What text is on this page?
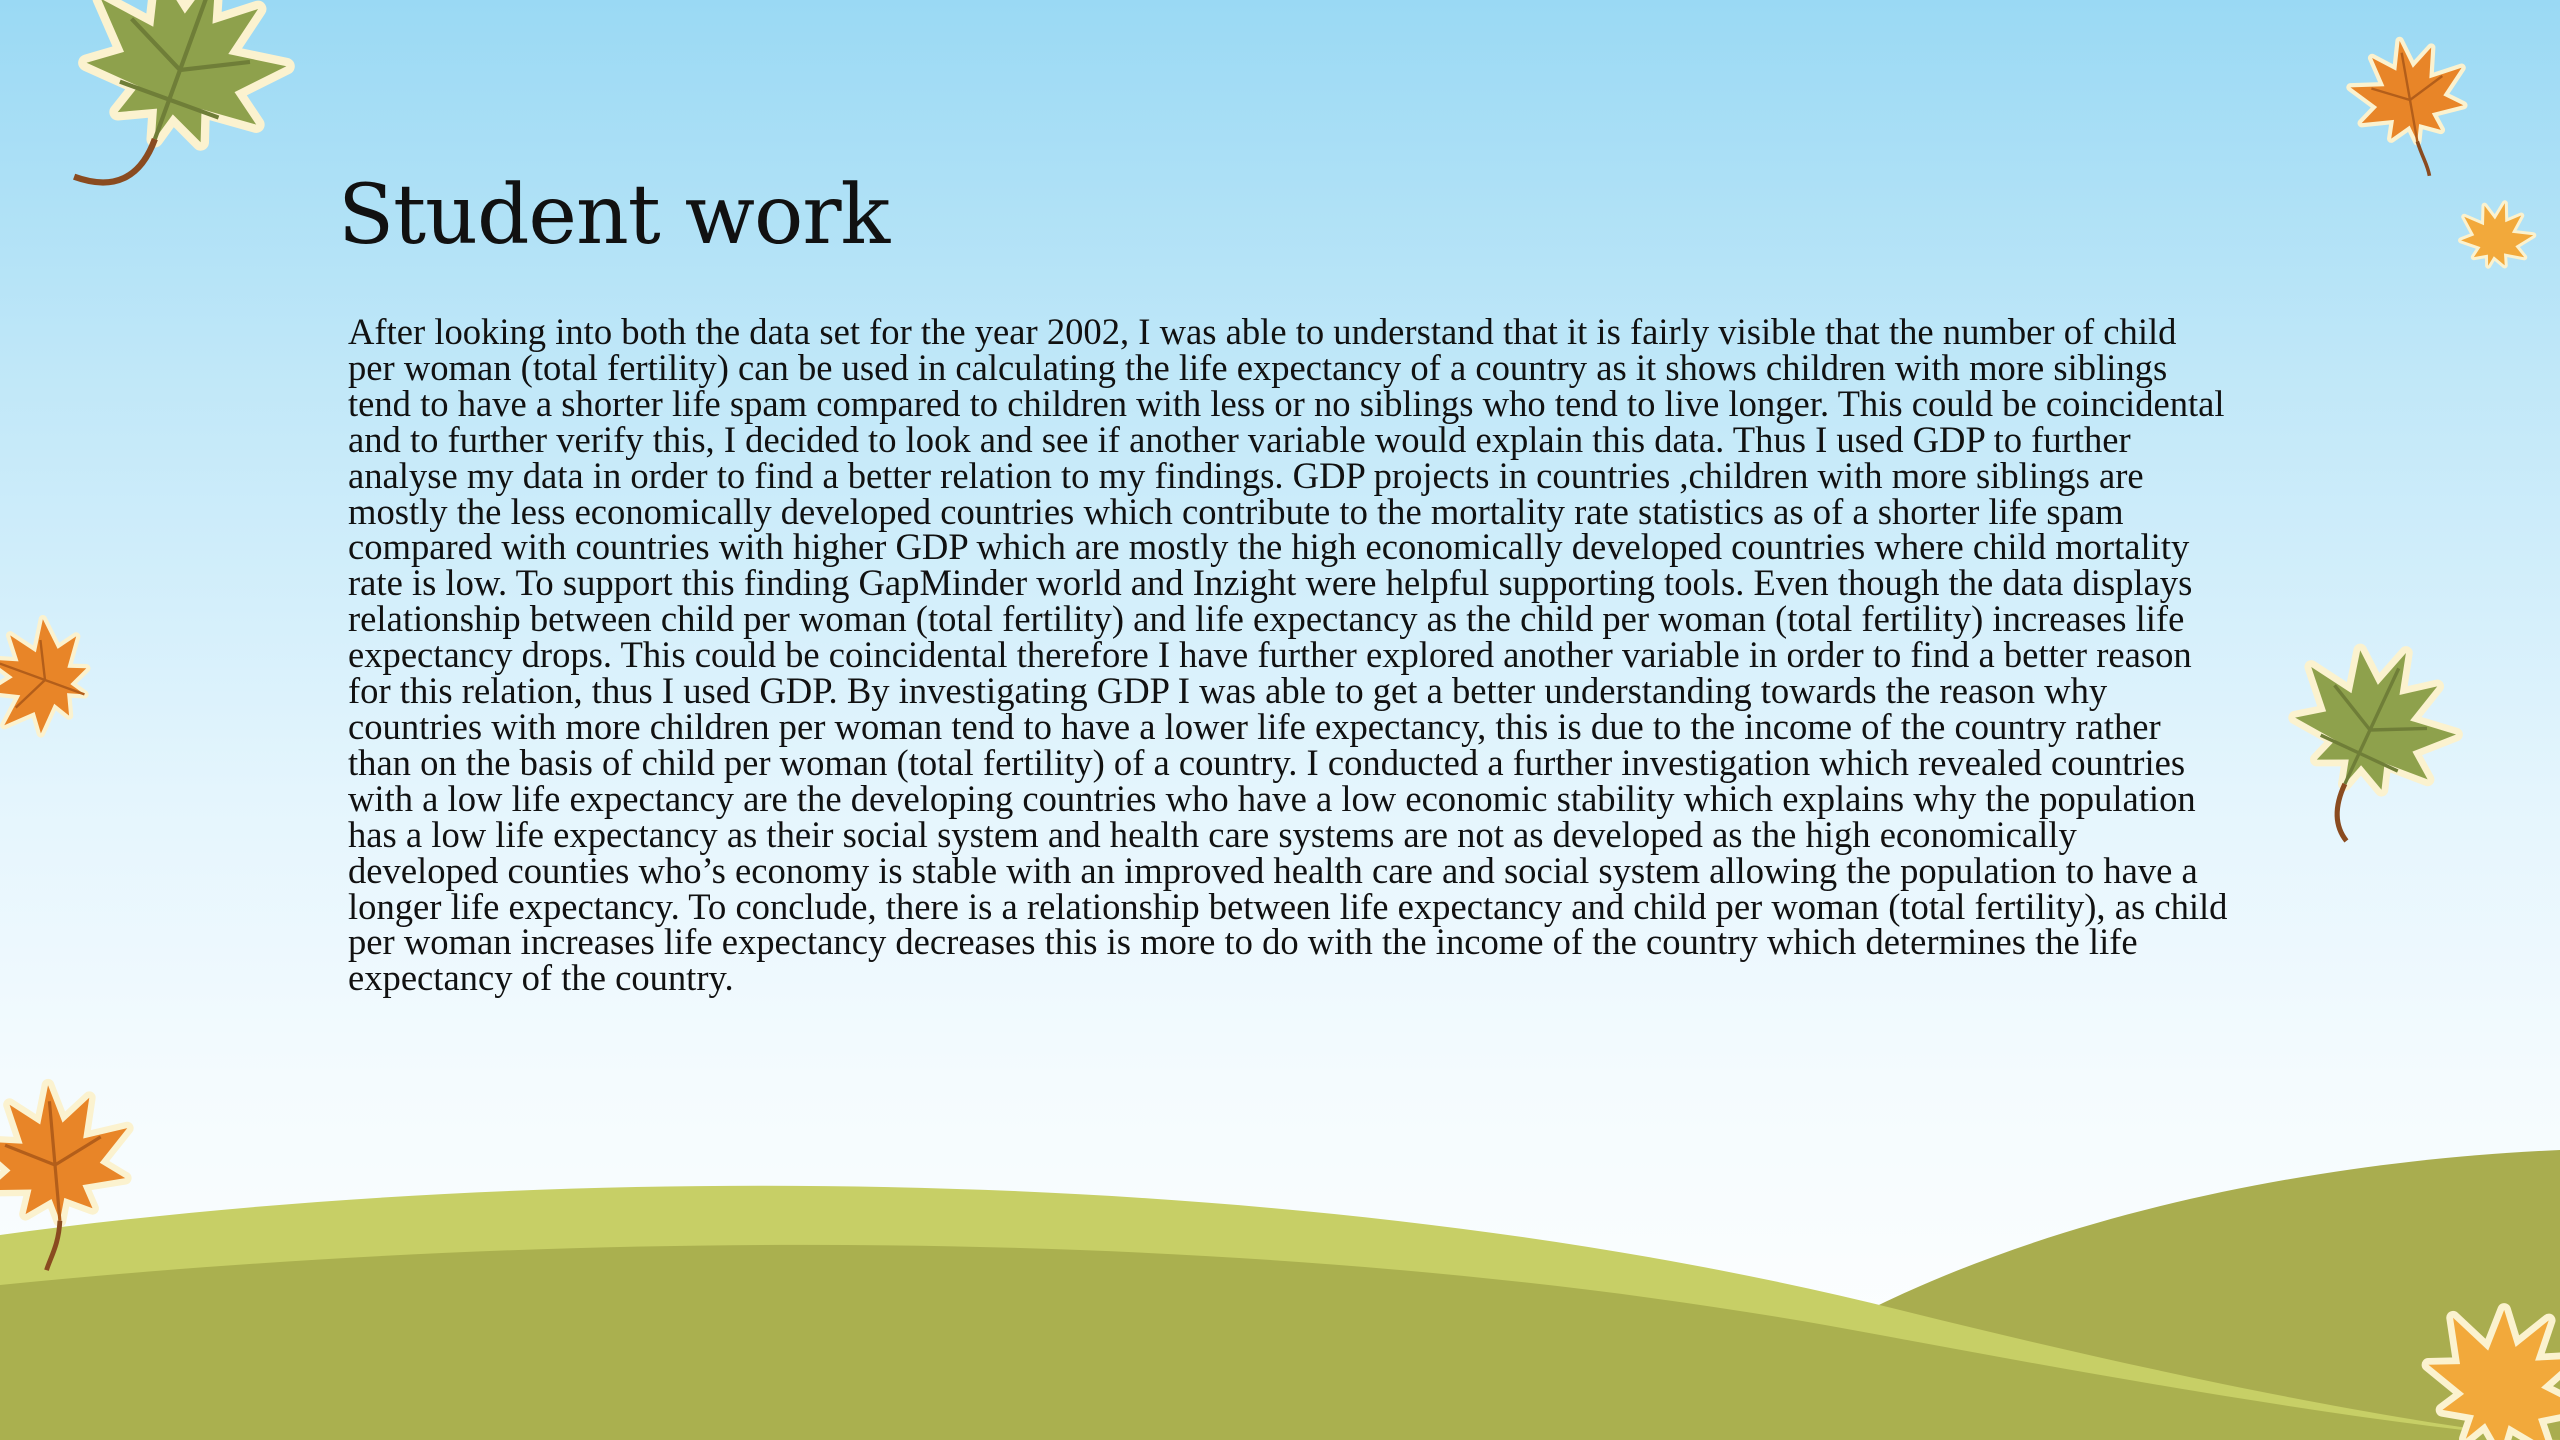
Student work

After looking into both the data set for the year 2002, I was able to understand that it is fairly visible that the number of child per woman (total fertility) can be used in calculating the life expectancy of a country as it shows children with more siblings tend to have a shorter life spam compared to children with less or no siblings who tend to live longer. This could be coincidental and to further verify this, I decided to look and see if another variable would explain this data. Thus I used GDP to further analyse my data in order to find a better relation to my findings. GDP projects in countries ,children with more siblings are mostly the less economically developed countries which contribute to the mortality rate statistics as of a shorter life spam compared with countries with higher GDP which are mostly the high economically developed countries where child mortality rate is low. To support this finding GapMinder world and Inzight were helpful supporting tools. Even though the data displays relationship between child per woman (total fertility) and life expectancy as the child per woman (total fertility) increases life expectancy drops. This could be coincidental therefore I have further explored another variable in order to find a better reason for this relation, thus I used GDP. By investigating GDP I was able to get a better understanding towards the reason why countries with more children per woman tend to have a lower life expectancy, this is due to the income of the country rather than on the basis of child per woman (total fertility) of a country. I conducted a further investigation which revealed countries with a low life expectancy are the developing countries who have a low economic stability which explains why the population has a low life expectancy as their social system and health care systems are not as developed as the high economically developed counties who’s economy is stable with an improved health care and social system allowing the population to have a longer life expectancy. To conclude, there is a relationship between life expectancy and child per woman (total fertility), as child per woman increases life expectancy decreases this is more to do with the income of the country which determines the life expectancy of the country.
